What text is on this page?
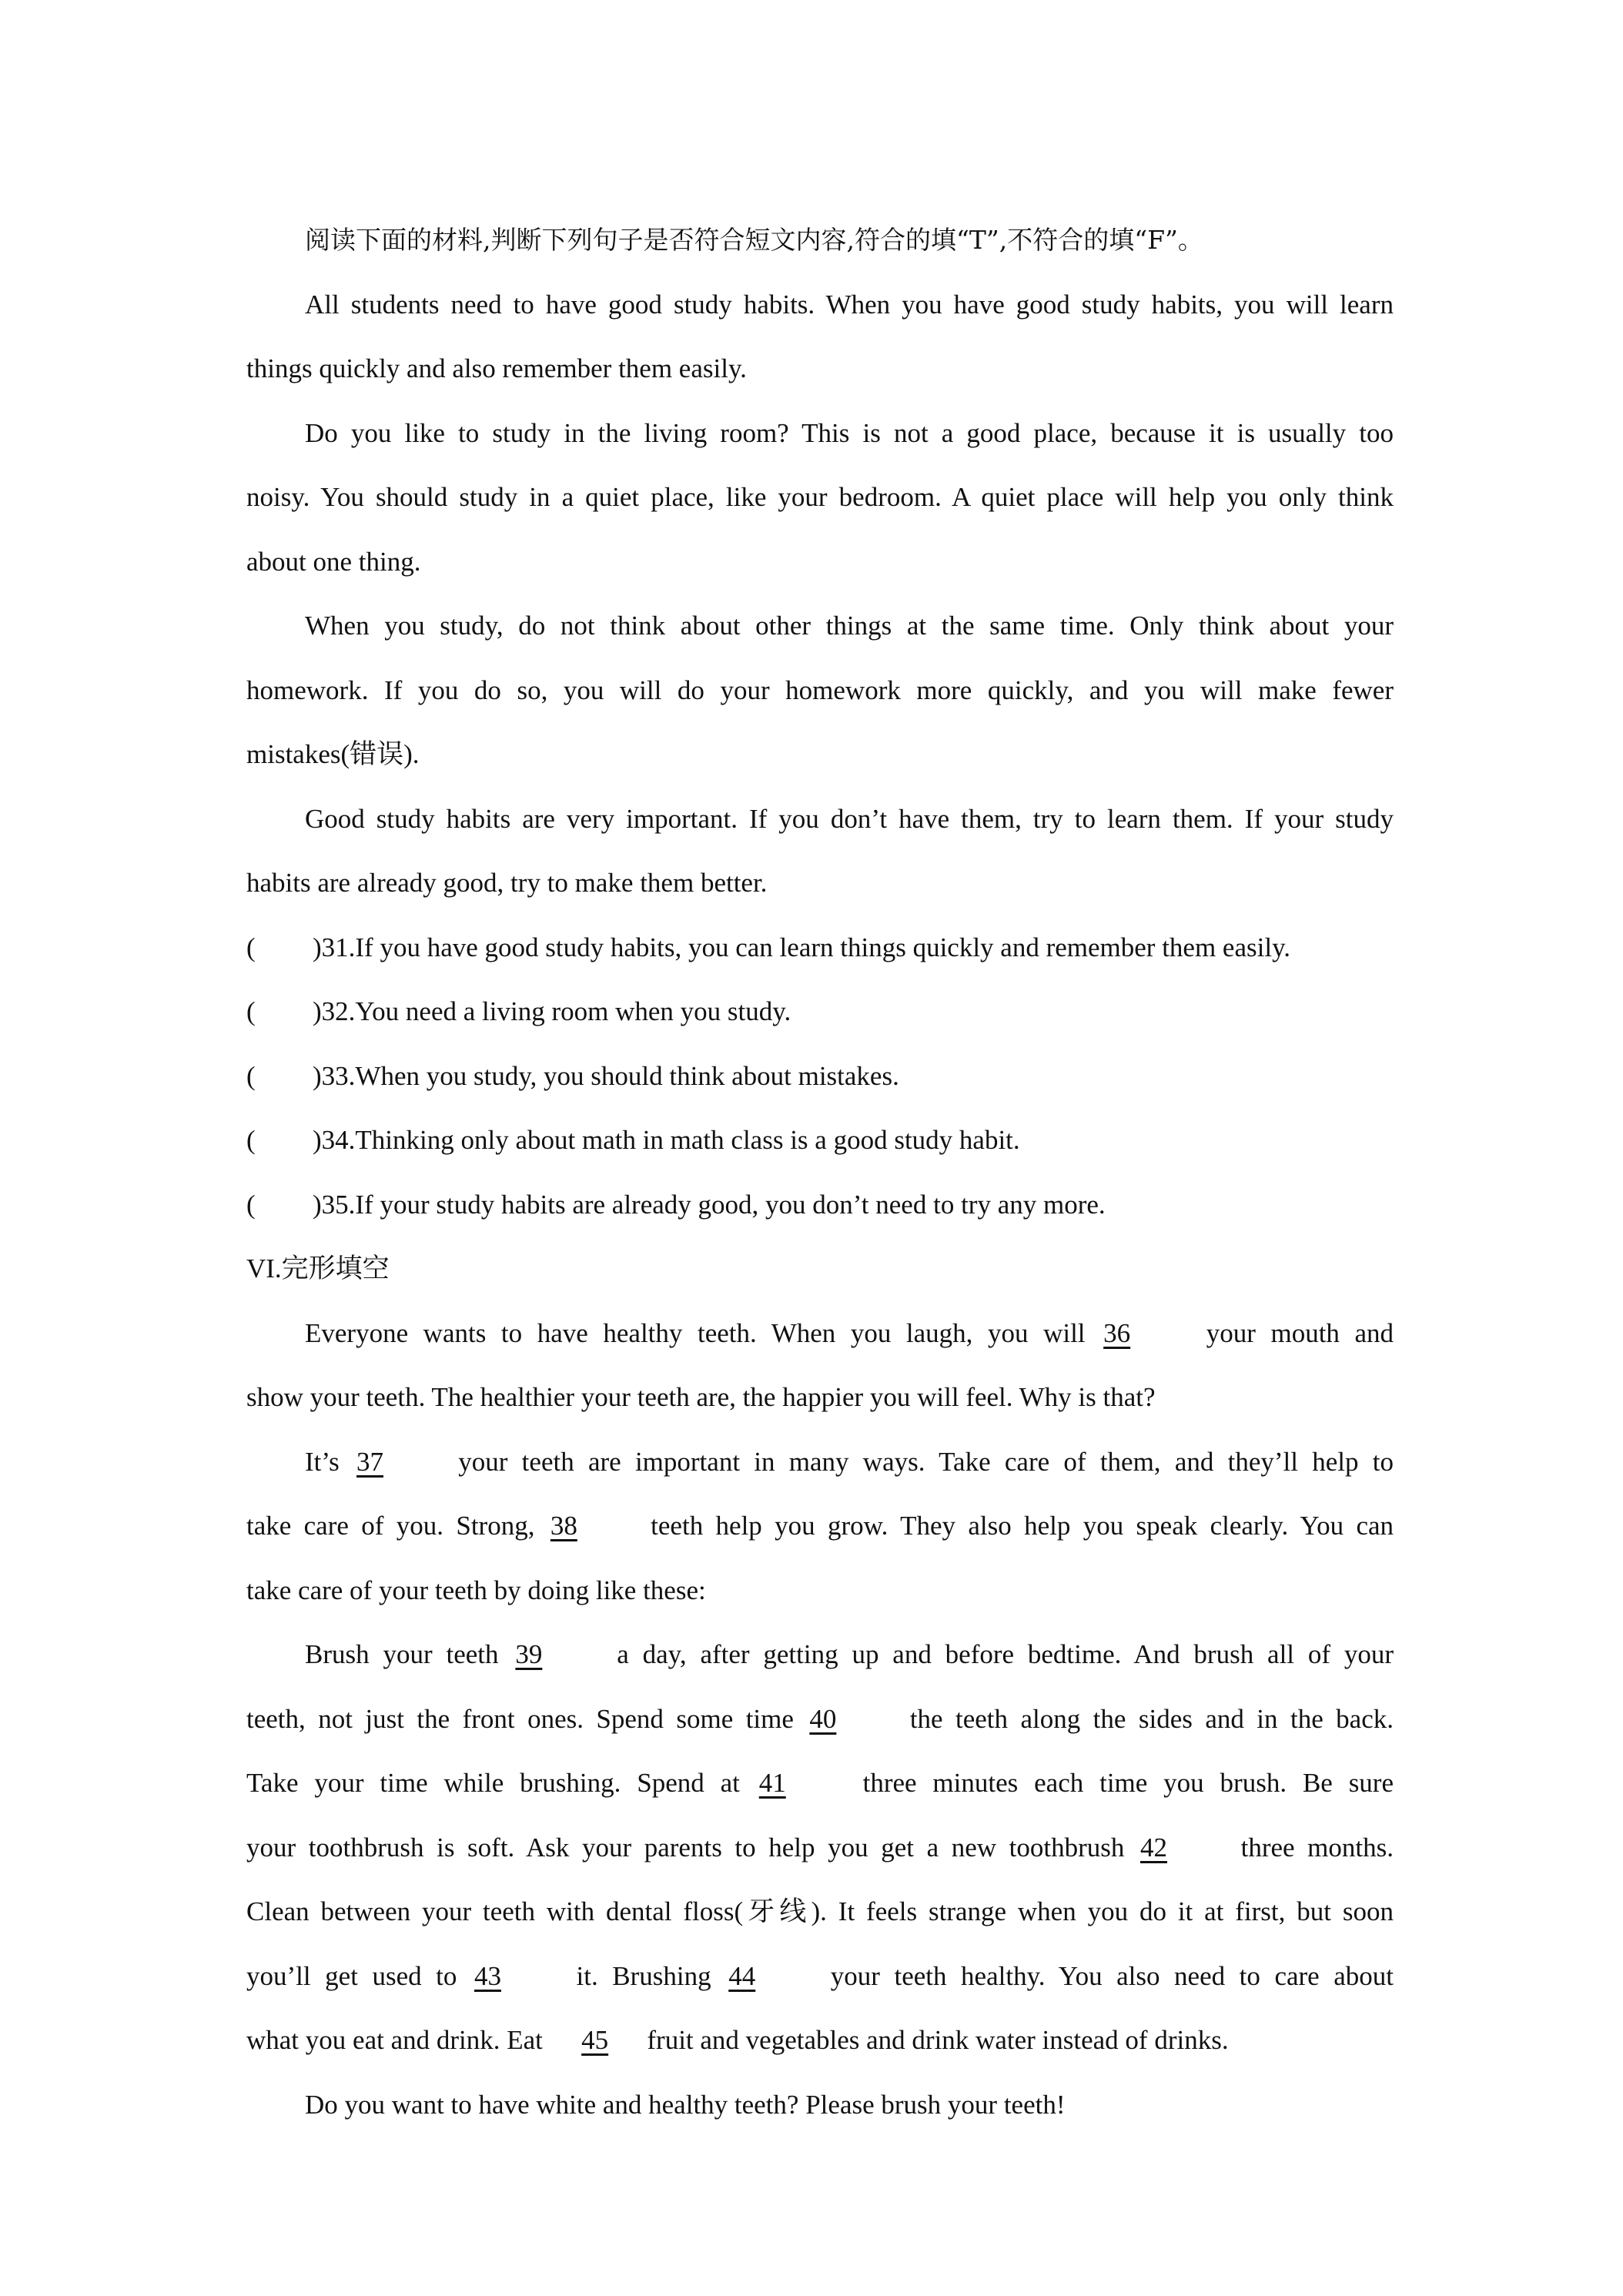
阅读下面的材料,判断下列句子是否符合短文内容,符合的填“T”,不符合的填“F”。
All students need to have good study habits. When you have good study habits, you will learn
things quickly and also remember them easily.
Do you like to study in the living room? This is not a good place, because it is usually too
noisy. You should study in a quiet place, like your bedroom. A quiet place will help you only think
about one thing.
When you study, do not think about other things at the same time. Only think about your
homework. If you do so, you will do your homework more quickly, and you will make fewer
mistakes(错误).
Good study habits are very important. If you don’t have them, try to learn them. If your study
habits are already good, try to make them better.
( )31.If you have good study habits, you can learn things quickly and remember them easily.
( )32.You need a living room when you study.
( )33.When you study, you should think about mistakes.
( )34.Thinking only about math in math class is a good study habit.
( )35.If your study habits are already good, you don’t need to try any more.
VI.完形填空
Everyone wants to have healthy teeth. When you laugh, you will 36	your mouth and
show your teeth. The healthier your teeth are, the happier you will feel. Why is that?
It’s 37	your teeth are important in many ways. Take care of them, and they’ll help to
take care of you. Strong, 38	teeth help you grow. They also help you speak clearly. You can
take care of your teeth by doing like these:
Brush your teeth 39	a day, after getting up and before bedtime. And brush all of your
teeth, not just the front ones. Spend some time 40	the teeth along the sides and in the back.
Take your time while brushing. Spend at 41	three minutes each time you brush. Be sure
your toothbrush is soft. Ask your parents to help you get a new toothbrush 42	three months.
Clean between your teeth with dental floss(牙线). It feels strange when you do it at first, but soon
you’ll get used to 43	it. Brushing 44	your teeth healthy. You also need to care about
what you eat and drink. Eat 45 fruit and vegetables and drink water instead of drinks.
Do you want to have white and healthy teeth? Please brush your teeth!
